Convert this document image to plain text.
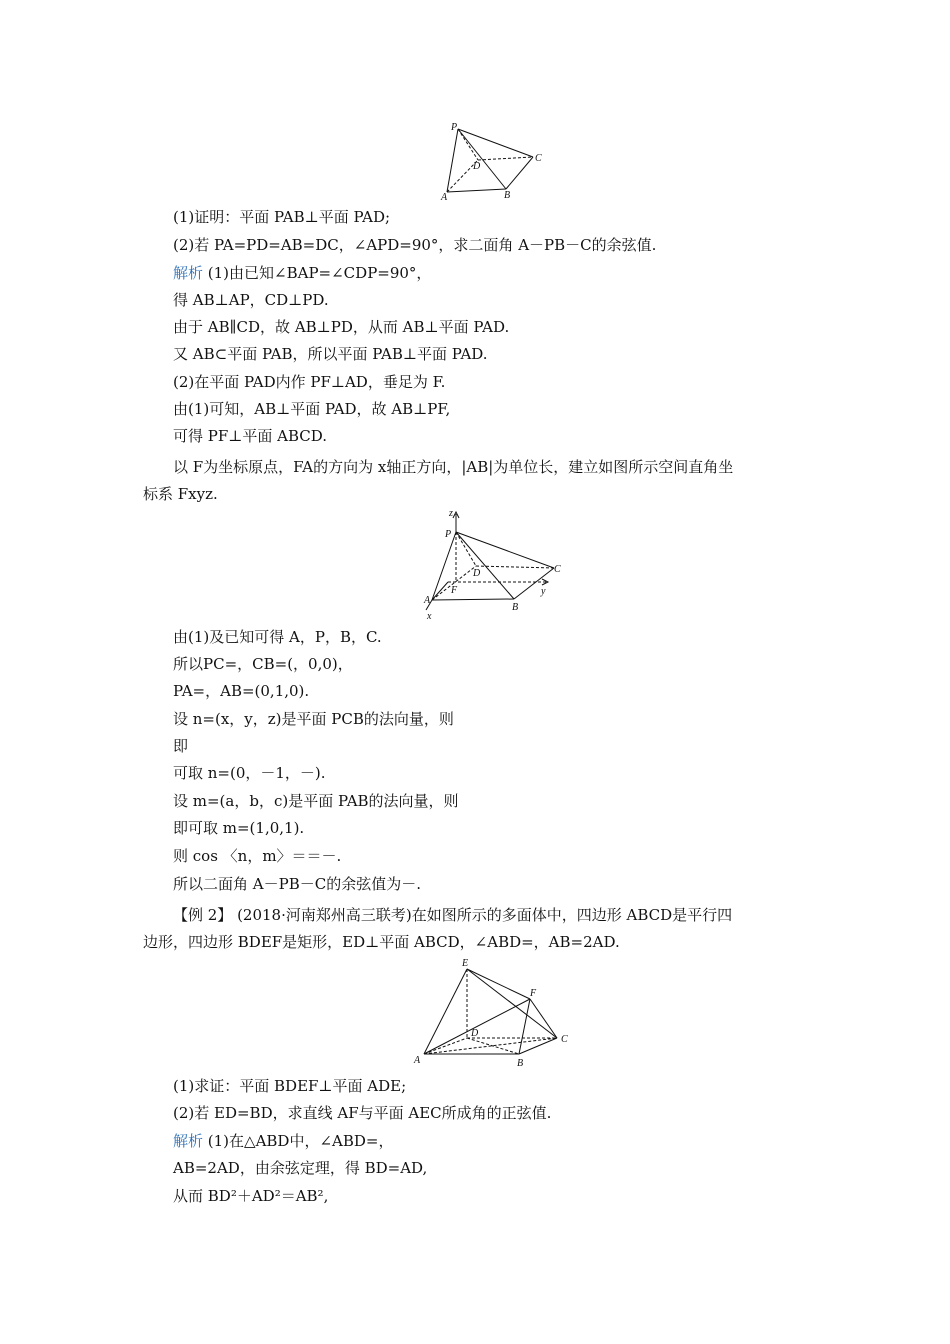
P
D
C
A	B
(1)证明：平面 PAB⊥平面 PAD;
(2)若 PA=PD=AB=DC，∠APD=90°，求二面角 A－PB－C的余弦值.
解析 (1)由已知∠BAP=∠CDP=90°，
得 AB⊥AP，CD⊥PD.
由于 AB∥CD，故 AB⊥PD，从而 AB⊥平面 PAD.
又 AB⊂平面 PAB，所以平面 PAB⊥平面 PAD.
(2)在平面 PAD内作 PF⊥AD，垂足为 F.
由(1)可知，AB⊥平面 PAD，故 AB⊥PF,
可得 PF⊥平面 ABCD.
以 F为坐标原点，FA的方向为 x轴正方向，|AB|为单位长，建立如图所示空间直角坐
标系 Fxyz.
z
P
D	C
F	y
A
B
x
由(1)及已知可得 A，P，B，C.
所以PC=，CB=(，0,0)，
PA=，AB=(0,1,0).
设 n=(x，y，z)是平面 PCB的法向量，则
即
可取 n=(0，－1，－).
设 m=(a，b，c)是平面 PAB的法向量，则
即可取 m=(1,0,1).
则 cos 〈n，m〉＝＝－.
所以二面角 A－PB－C的余弦值为－.
【例 2】 (2018·河南郑州高三联考)在如图所示的多面体中，四边形 ABCD是平行四
边形，四边形 BDEF是矩形，ED⊥平面 ABCD，∠ABD=，AB=2AD.
E
F
D
C
A	B
(1)求证：平面 BDEF⊥平面 ADE;
(2)若 ED=BD，求直线 AF与平面 AEC所成角的正弦值.
解析 (1)在△ABD中，∠ABD=，
AB=2AD，由余弦定理，得 BD=AD,
从而 BD²＋AD²＝AB²,
